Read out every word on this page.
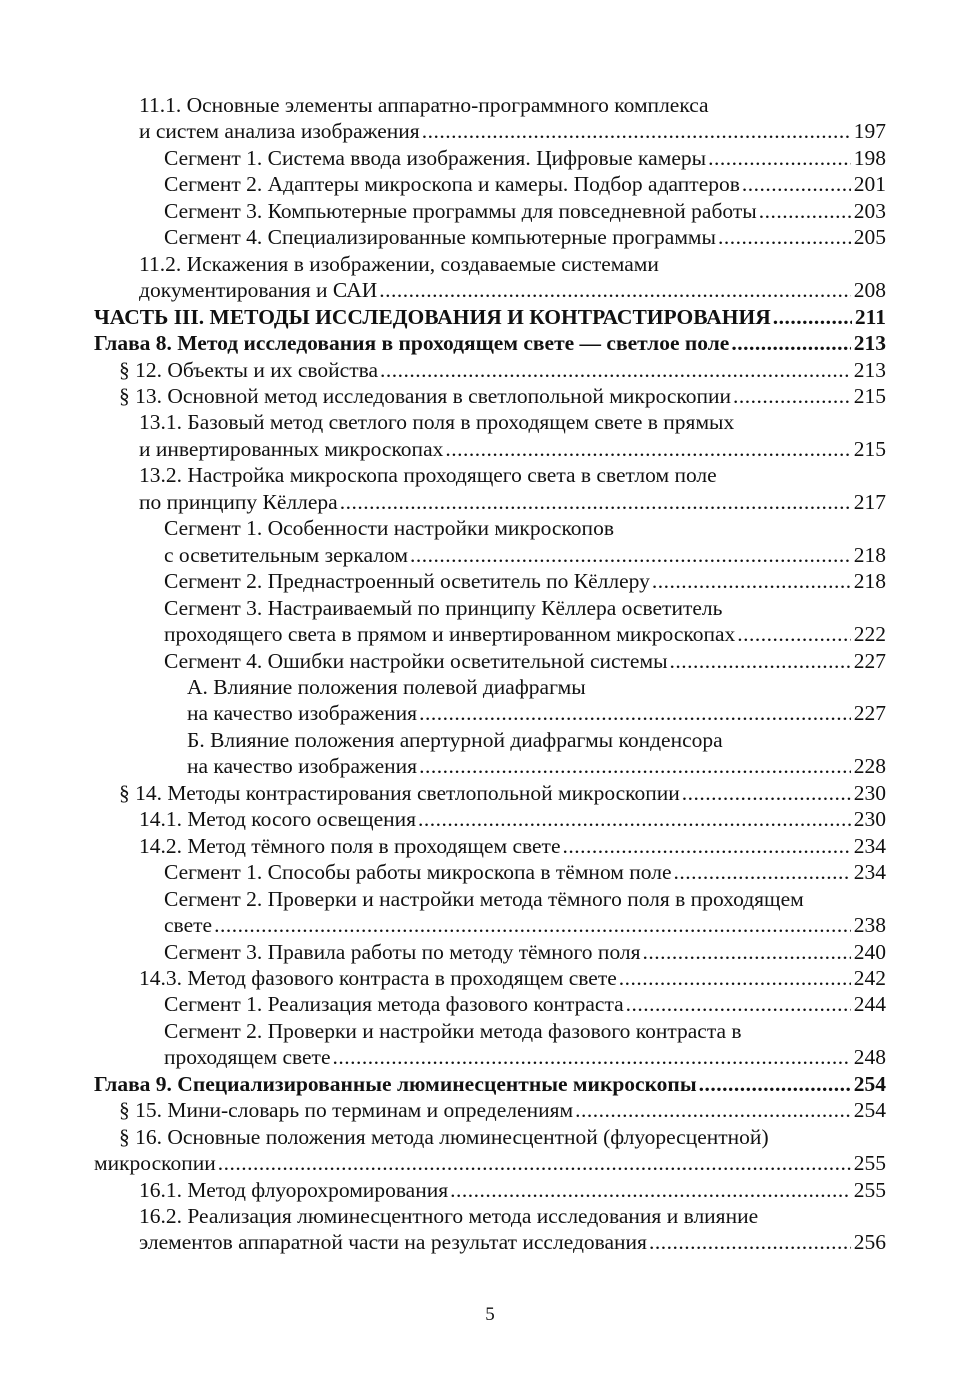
11.1. Основные элементы аппаратно-программного комплекса
и систем анализа изображения .....	197
Сегмент 1. Система ввода изображения. Цифровые камеры .....	198
Сегмент 2. Адаптеры микроскопа и камеры. Подбор адаптеров .....	201
Сегмент 3. Компьютерные программы для повседневной работы .....	203
Сегмент 4. Специализированные компьютерные программы .....	205
11.2. Искажения в изображении, создаваемые системами
документирования и САИ .....	208
ЧАСТЬ III. МЕТОДЫ ИССЛЕДОВАНИЯ И КОНТРАСТИРОВАНИЯ .....	211
Глава 8. Метод исследования в проходящем свете — светлое поле .....	213
§ 12. Объекты и их свойства .....	213
§ 13. Основной метод исследования в светлопольной микроскопии .....	215
13.1. Базовый метод светлого поля в проходящем свете в прямых
и инвертированных микроскопах .....	215
13.2. Настройка микроскопа проходящего света в светлом поле
по принципу Кёллера .....	217
Сегмент 1. Особенности настройки микроскопов
с осветительным зеркалом .....	218
Сегмент 2. Преднастроенный осветитель по Кёллеру .....	218
Сегмент 3. Настраиваемый по принципу Кёллера осветитель
проходящего света в прямом и инвертированном микроскопах .....	222
Сегмент 4. Ошибки настройки осветительной системы .....	227
А. Влияние положения полевой диафрагмы
на качество изображения .....	227
Б. Влияние положения апертурной диафрагмы конденсора
на качество изображения .....	228
§ 14. Методы контрастирования светлопольной микроскопии .....	230
14.1. Метод косого освещения .....	230
14.2. Метод тёмного поля в проходящем свете .....	234
Сегмент 1. Способы работы микроскопа в тёмном поле .....	234
Сегмент 2. Проверки и настройки метода тёмного поля в проходящем
свете .....	238
Сегмент 3. Правила работы по методу тёмного поля .....	240
14.3. Метод фазового контраста в проходящем свете .....	242
Сегмент 1. Реализация метода фазового контраста .....	244
Сегмент 2. Проверки и настройки метода фазового контраста в
проходящем свете .....	248
Глава 9. Специализированные люминесцентные микроскопы .....	254
§ 15. Мини-словарь по терминам и определениям .....	254
§ 16. Основные положения метода люминесцентной (флуоресцентной)
микроскопии .....	255
16.1. Метод флуорохромирования .....	255
16.2. Реализация люминесцентного метода исследования и влияние
элементов аппаратной части на результат исследования .....	256
5
